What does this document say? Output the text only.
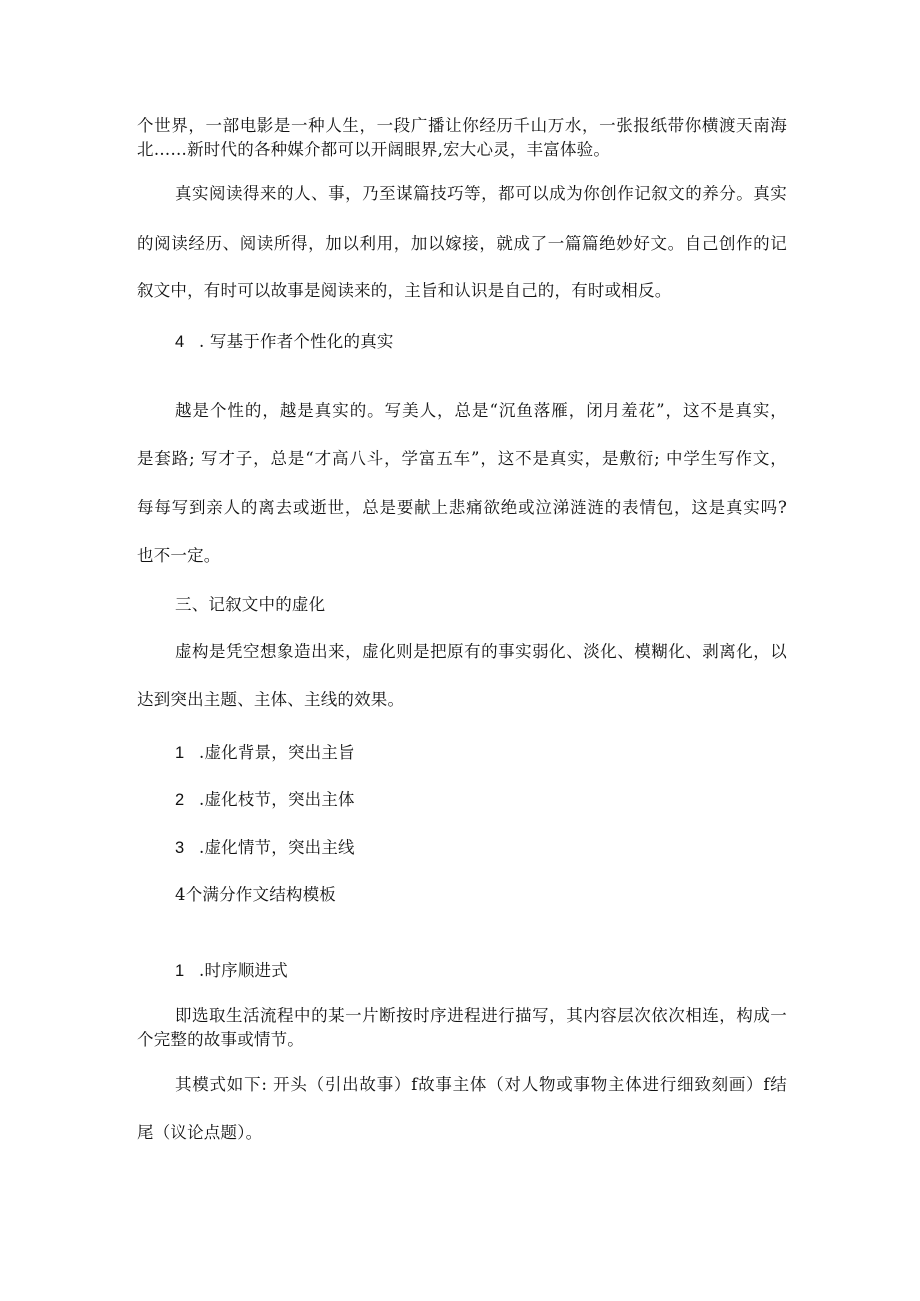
个世界，一部电影是一种人生，一段广播让你经历千山万水，一张报纸带你横渡天南海
北……新时代的各种媒介都可以开阔眼界,宏大心灵，丰富体验。
真实阅读得来的人、事，乃至谋篇技巧等，都可以成为你创作记叙文的养分。真实
的阅读经历、阅读所得，加以利用，加以嫁接，就成了一篇篇绝妙好文。自己创作的记
叙文中，有时可以故事是阅读来的，主旨和认识是自己的，有时或相反。
4 . 写基于作者个性化的真实
越是个性的，越是真实的。写美人，总是“沉鱼落雁，闭月羞花”，这不是真实，
是套路; 写才子，总是“才高八斗，学富五车”，这不是真实，是敷衍; 中学生写作文，
每每写到亲人的离去或逝世，总是要献上悲痛欲绝或泣涕涟涟的表情包，这是真实吗?
也不一定。
三、记叙文中的虚化
虚构是凭空想象造出来，虚化则是把原有的事实弱化、淡化、模糊化、剥离化，以
达到突出主题、主体、主线的效果。
1 .虚化背景，突出主旨
2 .虚化枝节，突出主体
3 .虚化情节，突出主线
4个满分作文结构模板
1 .时序顺进式
即选取生活流程中的某一片断按时序进程进行描写，其内容层次依次相连，构成一
个完整的故事或情节。
其模式如下: 开头（引出故事）f故事主体（对人物或事物主体进行细致刻画）f结
尾（议论点题）。
